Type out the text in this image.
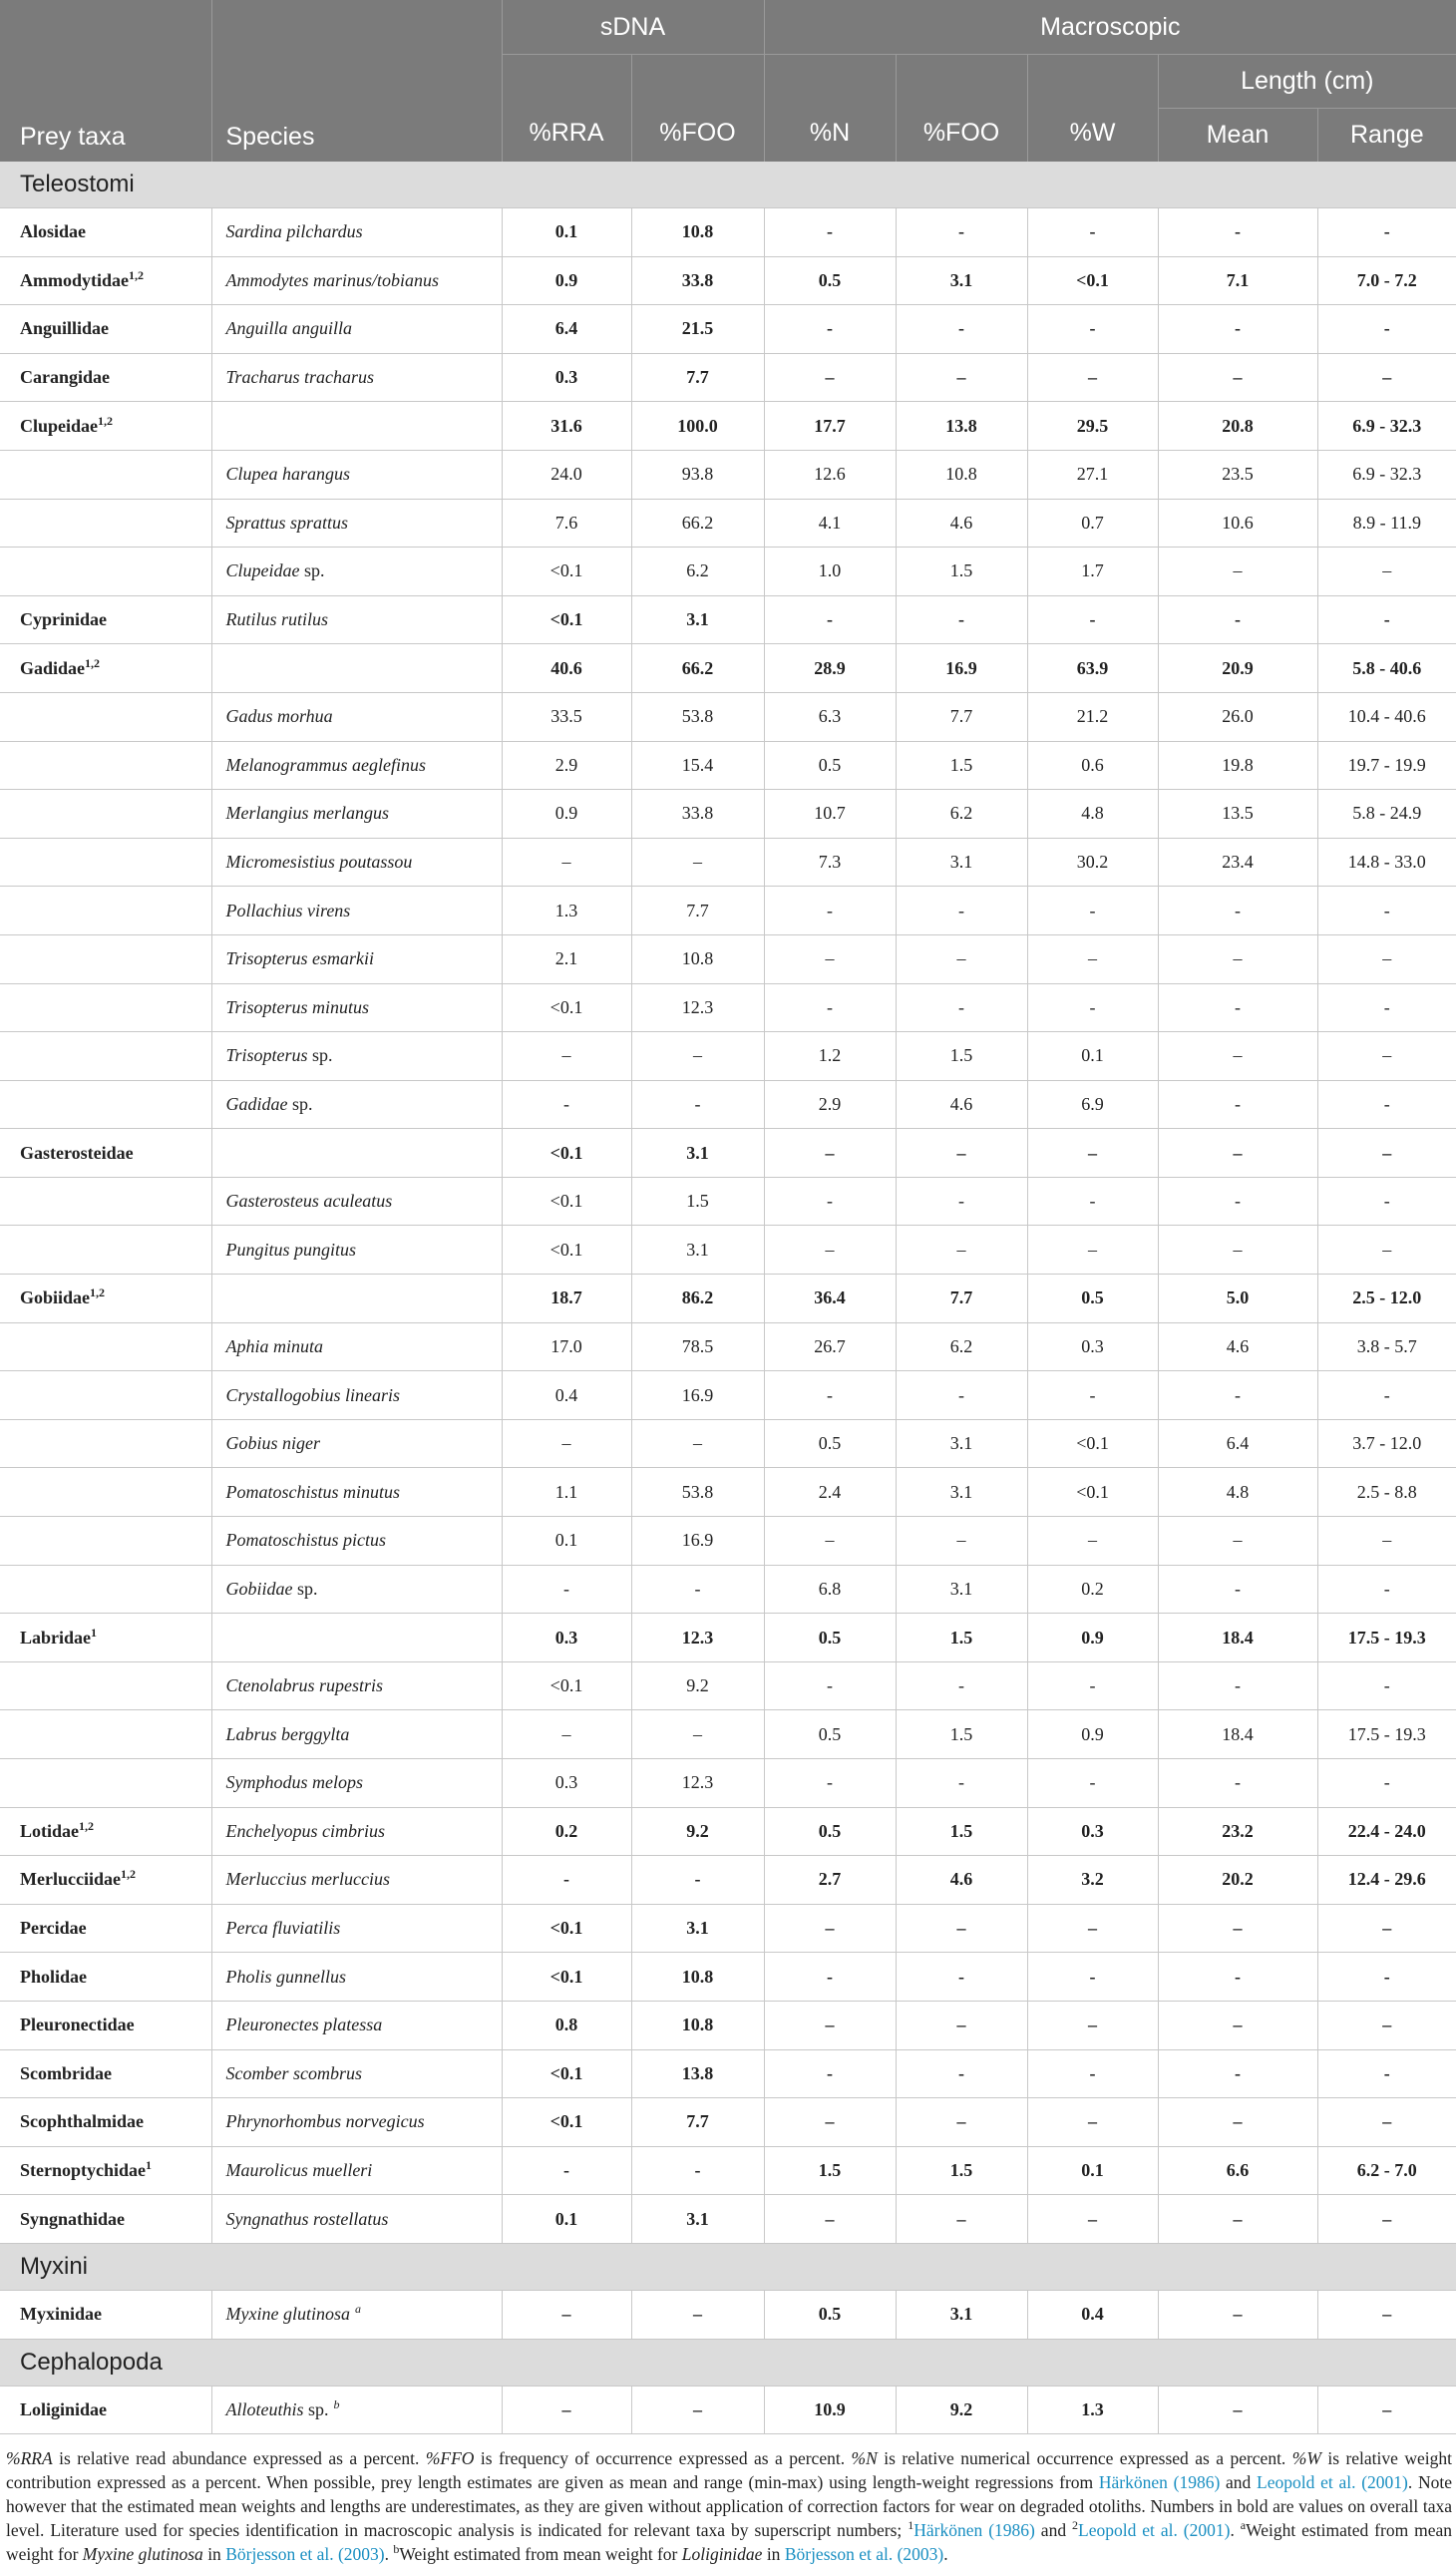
Prey taxa	Species	sDNA		Macroscopic				
		%RRA	%FOO	%N	%FOO	%W	Length (cm)	
							Mean	Range
Teleostomi								
Alosidae	Sardina pilchardus	0.1	10.8	-	-	-	-	-
Ammodytidae$^{1,2}$	Ammodytes marinus/tobianus	0.9	33.8	0.5	3.1	<0.1	7.1	7.0 - 7.2
Anguillidae	Anguilla anguilla	6.4	21.5	-	-	-	-	-
Carangidae	Tracharus tracharus	0.3	7.7	–	–	–	–	–
Clupeidae$^{1,2}$		31.6	100.0	17.7	13.8	29.5	20.8	6.9 - 32.3
	Clupea harangus	24.0	93.8	12.6	10.8	27.1	23.5	6.9 - 32.3
	Sprattus sprattus	7.6	66.2	4.1	4.6	0.7	10.6	8.9 - 11.9
	Clupeidae sp.	<0.1	6.2	1.0	1.5	1.7	–	–
Cyprinidae	Rutilus rutilus	<0.1	3.1	-	-	-	-	-
Gadidae$^{1,2}$		40.6	66.2	28.9	16.9	63.9	20.9	5.8 - 40.6
	Gadus morhua	33.5	53.8	6.3	7.7	21.2	26.0	10.4 - 40.6
	Melanogrammus aeglefinus	2.9	15.4	0.5	1.5	0.6	19.8	19.7 - 19.9
	Merlangius merlangus	0.9	33.8	10.7	6.2	4.8	13.5	5.8 - 24.9
	Micromesistius poutassou	–	–	7.3	3.1	30.2	23.4	14.8 - 33.0
	Pollachius virens	1.3	7.7	-	-	-	-	-
	Trisopterus esmarkii	2.1	10.8	–	–	–	–	–
	Trisopterus minutus	<0.1	12.3	-	-	-	-	-
	Trisopterus sp.	–	–	1.2	1.5	0.1	–	–
	Gadidae sp.	-	-	2.9	4.6	6.9	-	-
Gasterosteidae		<0.1	3.1	–	–	–	–	–
	Gasterosteus aculeatus	<0.1	1.5	-	-	-	-	-
	Pungitus pungitus	<0.1	3.1	–	–	–	–	–
Gobiidae$^{1,2}$		18.7	86.2	36.4	7.7	0.5	5.0	2.5 - 12.0
	Aphia minuta	17.0	78.5	26.7	6.2	0.3	4.6	3.8 - 5.7
	Crystallogobius linearis	0.4	16.9	-	-	-	-	-
	Gobius niger	–	–	0.5	3.1	<0.1	6.4	3.7 - 12.0
	Pomatoschistus minutus	1.1	53.8	2.4	3.1	<0.1	4.8	2.5 - 8.8
	Pomatoschistus pictus	0.1	16.9	–	–	–	–	–
	Gobiidae sp.	-	-	6.8	3.1	0.2	-	-
Labridae$^1$		0.3	12.3	0.5	1.5	0.9	18.4	17.5 - 19.3
	Ctenolabrus rupestris	<0.1	9.2	-	-	-	-	-
	Labrus berggylta	–	–	0.5	1.5	0.9	18.4	17.5 - 19.3
	Symphodus melops	0.3	12.3	-	-	-	-	-
Lotidae$^{1,2}$	Enchelyopus cimbrius	0.2	9.2	0.5	1.5	0.3	23.2	22.4 - 24.0
Merlucciidae$^{1,2}$	Merluccius merluccius	-	-	2.7	4.6	3.2	20.2	12.4 - 29.6
Percidae	Perca fluviatilis	<0.1	3.1	–	–	–	–	–
Pholidae	Pholis gunnellus	<0.1	10.8	-	-	-	-	-
Pleuronectidae	Pleuronectes platessa	0.8	10.8	–	–	–	–	–
Scombridae	Scomber scombrus	<0.1	13.8	-	-	-	-	-
Scophthalmidae	Phrynorhombus norvegicus	<0.1	7.7	–	–	–	–	–
Sternoptychidae$^1$	Maurolicus muelleri	-	-	1.5	1.5	0.1	6.6	6.2 - 7.0
Syngnathidae	Syngnathus rostellatus	0.1	3.1	–	–	–	–	–
Myxini								
Myxinidae	Myxine glutinosa $^a$	–	–	0.5	3.1	0.4	–	–
Cephalopoda								
Loliginidae	Alloteuthis sp. $^b$	–	–	10.9	9.2	1.3	–	–
%RRA is relative read abundance expressed as a percent. %FFO is frequency of occurrence expressed as a percent. %N is relative numerical occurrence expressed as a percent. %W is relative weight contribution expressed as a percent. When possible, prey length estimates are given as mean and range (min-max) using length-weight regressions from Härkönen (1986) and Leopold et al. (2001). Note however that the estimated mean weights and lengths are underestimates, as they are given without application of correction factors for wear on degraded otoliths. Numbers in bold are values on overall taxa level. Literature used for species identification in macroscopic analysis is indicated for relevant taxa by superscript numbers; $^1$Härkönen (1986) and $^2$Leopold et al. (2001). $^a$Weight estimated from mean weight for Myxine glutinosa in Börjesson et al. (2003). $^b$Weight estimated from mean weight for Loliginidae in Börjesson et al. (2003).
